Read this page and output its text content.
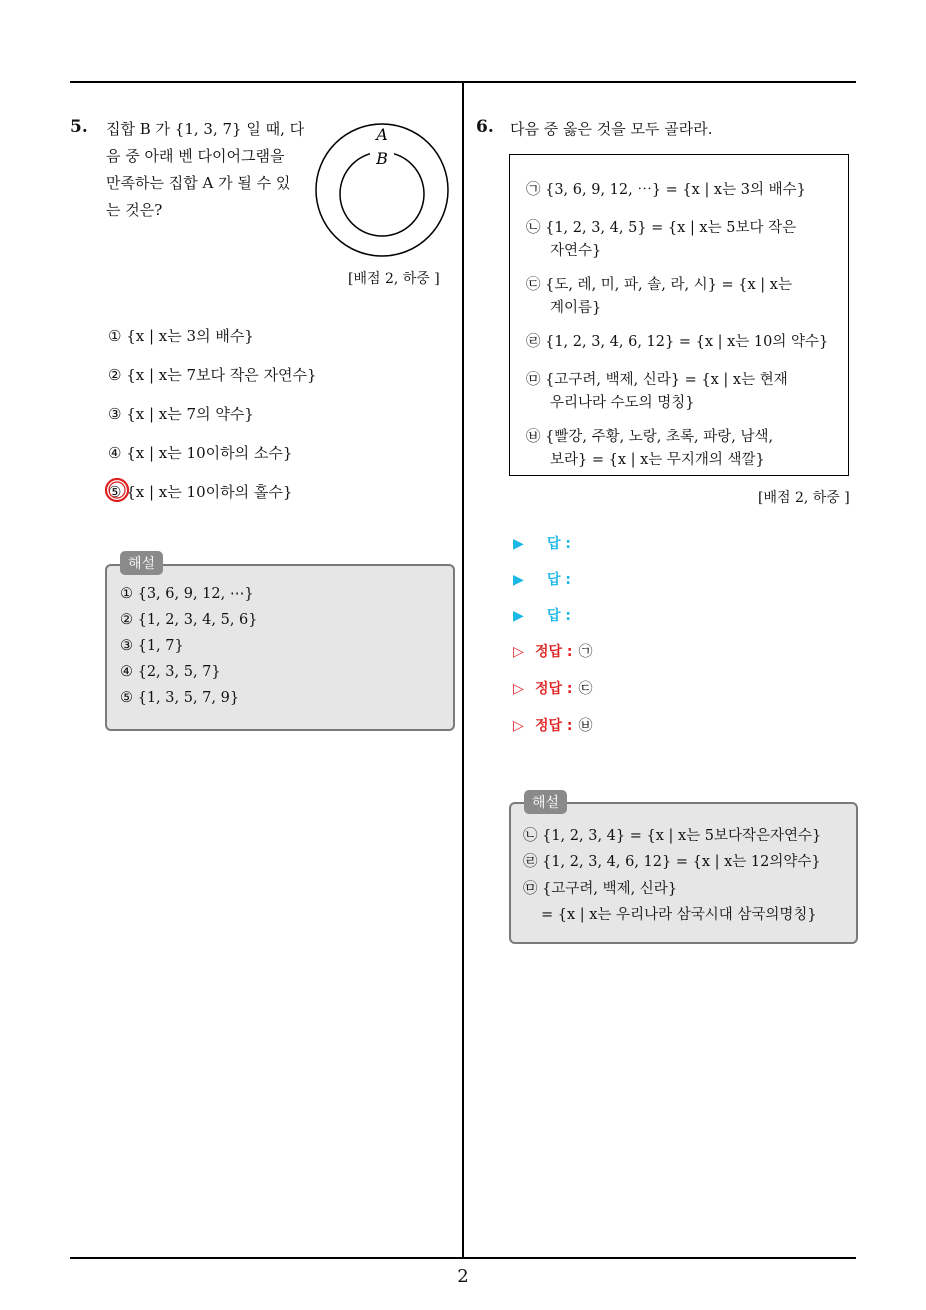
5. 집합 B 가 {1, 3, 7} 일 때, 다
음 중 아래 벤 다이어그램을
만족하는 집합 A 가 될 수 있
는 것은?
A
B
[배점 2, 하중 ]
① {x | x는 3의 배수}
② {x | x는 7보다 작은 자연수}
③ {x | x는 7의 약수}
④ {x | x는 10이하의 소수}
⑤ {x | x는 10이하의 홀수}
① {3, 6, 9, 12, ⋯}
② {1, 2, 3, 4, 5, 6}
③ {1, 7}
④ {2, 3, 5, 7}
⑤ {1, 3, 5, 7, 9}
해설
6. 다음 중 옳은 것을 모두 골라라.
㉠ {3, 6, 9, 12, ⋯} = {x | x는 3의 배수}
㉡ {1, 2, 3, 4, 5} = {x | x는 5보다 작은
자연수}
㉢ {도, 레, 미, 파, 솔, 라, 시} = {x | x는
계이름}
㉣ {1, 2, 3, 4, 6, 12} = {x | x는 10의 약수}
㉤ {고구려, 백제, 신라} = {x | x는 현재
우리나라 수도의 명칭}
㉥ {빨강, 주황, 노랑, 초록, 파랑, 남색,
보라} = {x | x는 무지개의 색깔}
[배점 2, 하중 ]
▶ 답 :
▶ 답 :
▶ 답 :
▷ 정답 : ㉠
▷ 정답 : ㉢
▷ 정답 : ㉥
㉡ {1, 2, 3, 4} = {x | x는 5보다작은자연수}
㉣ {1, 2, 3, 4, 6, 12} = {x | x는 12의약수}
㉤ {고구려, 백제, 신라}
= {x | x는 우리나라 삼국시대 삼국의명칭}
해설
2
